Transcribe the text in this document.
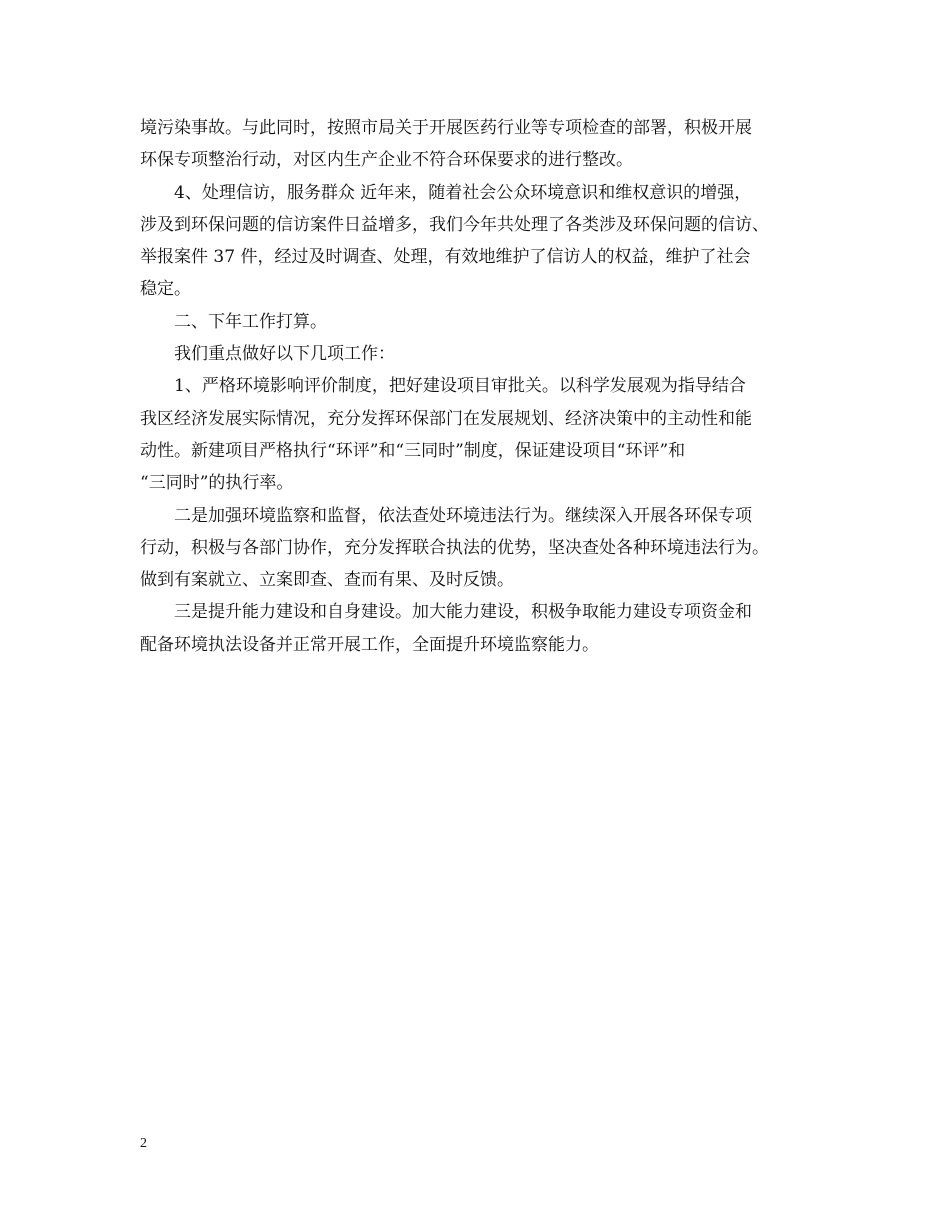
境污染事故。与此同时，按照市局关于开展医药行业等专项检查的部署，积极开展
环保专项整治行动，对区内生产企业不符合环保要求的进行整改。
4、处理信访，服务群众 近年来，随着社会公众环境意识和维权意识的增强，
涉及到环保问题的信访案件日益增多，我们今年共处理了各类涉及环保问题的信访、
举报案件 37 件，经过及时调查、处理，有效地维护了信访人的权益，维护了社会
稳定。
二、下年工作打算。
我们重点做好以下几项工作：
1、严格环境影响评价制度，把好建设项目审批关。以科学发展观为指导结合
我区经济发展实际情况，充分发挥环保部门在发展规划、经济决策中的主动性和能
动性。新建项目严格执行“环评”和“三同时”制度，保证建设项目“环评”和
“三同时”的执行率。
二是加强环境监察和监督，依法查处环境违法行为。继续深入开展各环保专项
行动，积极与各部门协作，充分发挥联合执法的优势，坚决查处各种环境违法行为。
做到有案就立、立案即查、查而有果、及时反馈。
三是提升能力建设和自身建设。加大能力建设，积极争取能力建设专项资金和
配备环境执法设备并正常开展工作，全面提升环境监察能力。
2
